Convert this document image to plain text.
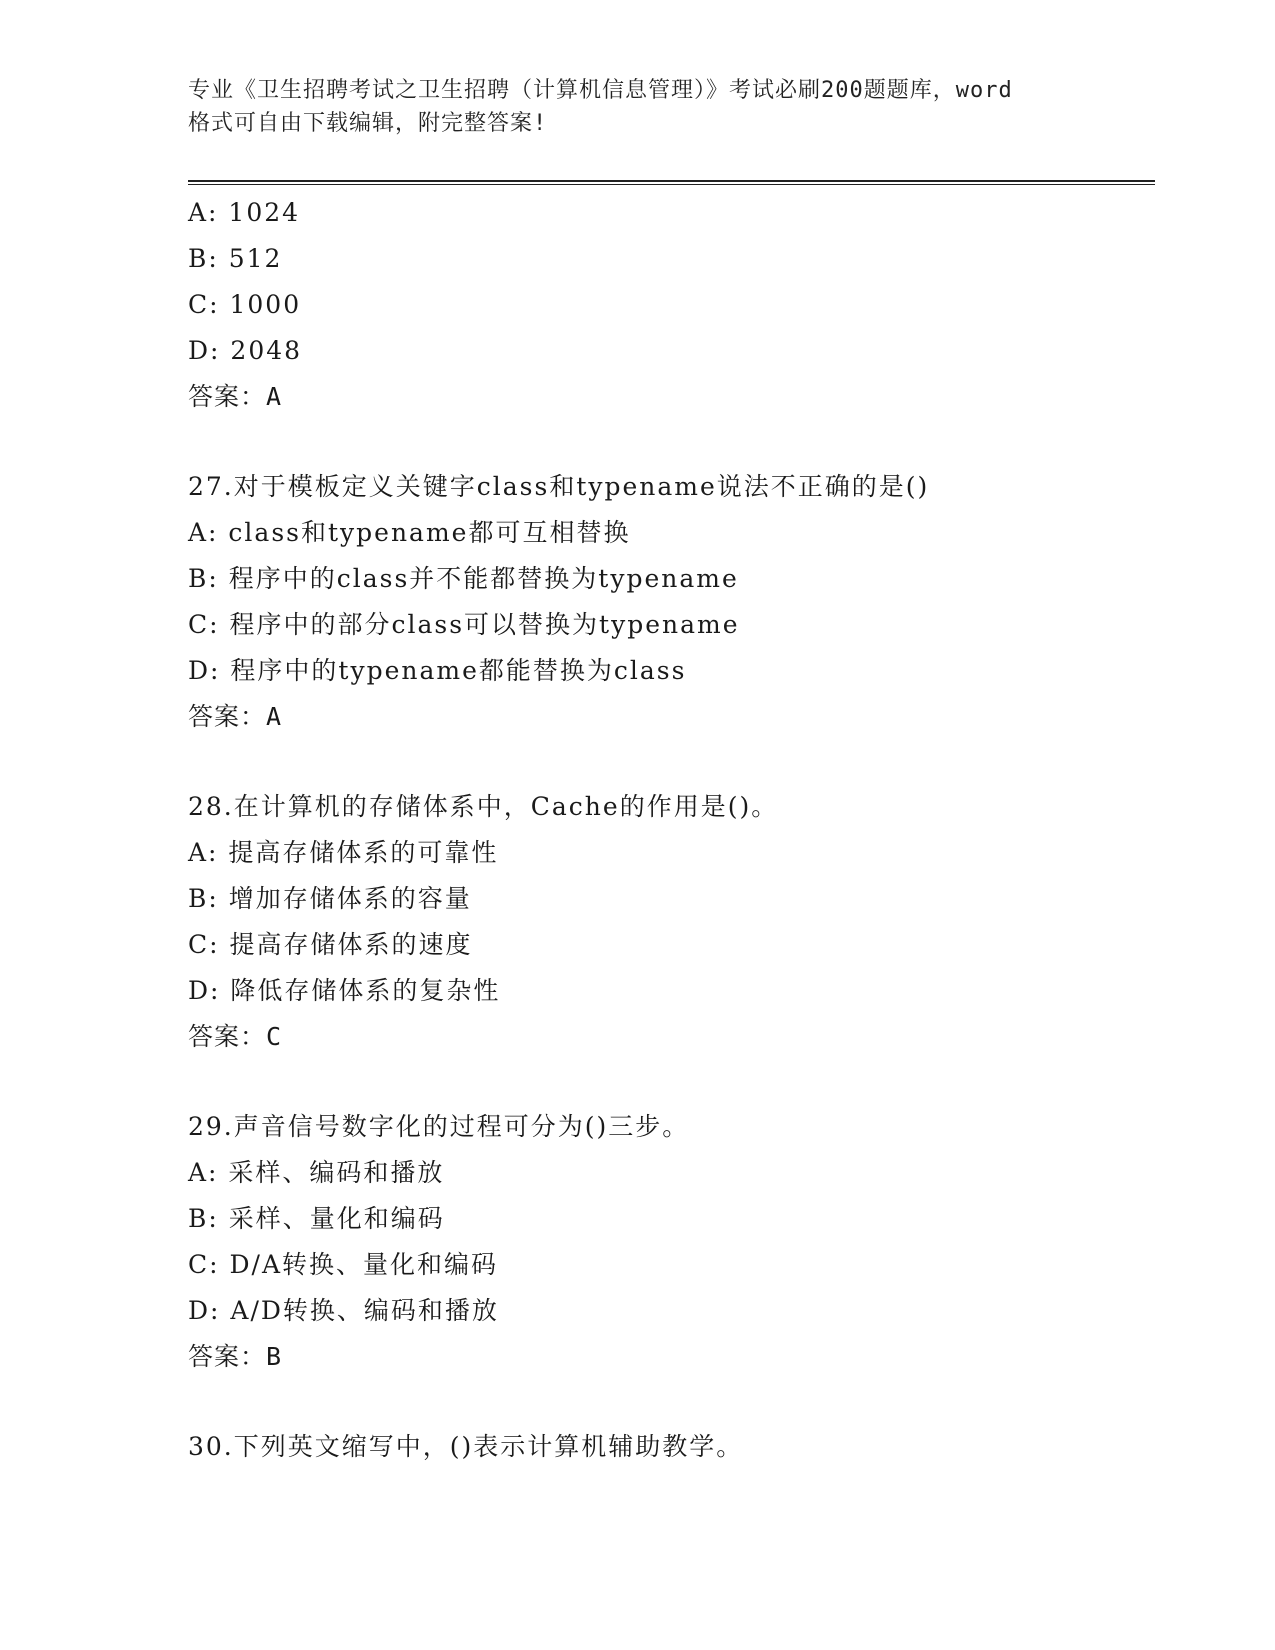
专业《卫生招聘考试之卫生招聘（计算机信息管理）》考试必刷200题题库，word
格式可自由下载编辑，附完整答案!
A: 1024
B: 512
C: 1000
D: 2048
答案：A
27.对于模板定义关键字class和typename说法不正确的是()
A: class和typename都可互相替换
B: 程序中的class并不能都替换为typename
C: 程序中的部分class可以替换为typename
D: 程序中的typename都能替换为class
答案：A
28.在计算机的存储体系中，Cache的作用是()。
A: 提高存储体系的可靠性
B: 增加存储体系的容量
C: 提高存储体系的速度
D: 降低存储体系的复杂性
答案：C
29.声音信号数字化的过程可分为()三步。
A: 采样、编码和播放
B: 采样、量化和编码
C: D/A转换、量化和编码
D: A/D转换、编码和播放
答案：B
30.下列英文缩写中，()表示计算机辅助教学。
